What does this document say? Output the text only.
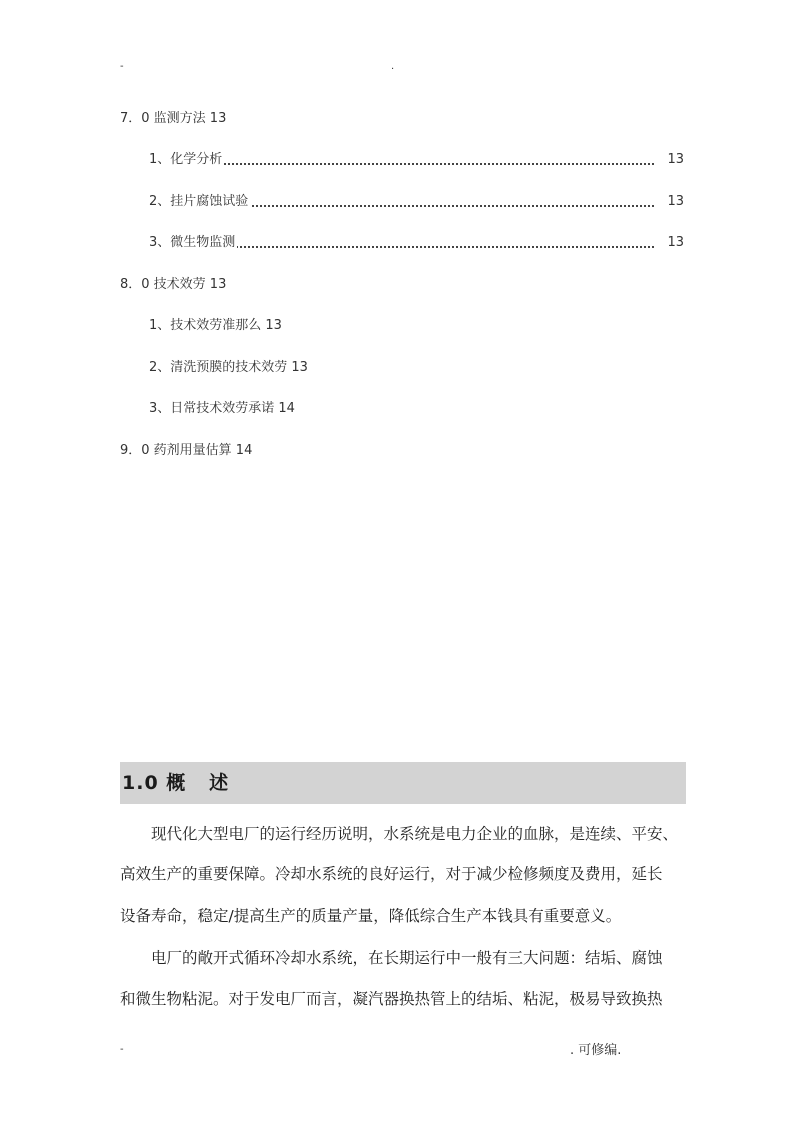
-	.
7．0 监测方法 13
1、化学分析	13
2、挂片腐蚀试验	13
3、微生物监测	13
8．0 技术效劳 13
1、技术效劳准那么 13
2、清洗预膜的技术效劳 13
3、日常技术效劳承诺 14
9．0 药剂用量估算 14
1.0 概   述
现代化大型电厂的运行经历说明，水系统是电力企业的血脉，是连续、平安、
高效生产的重要保障。冷却水系统的良好运行，对于减少检修频度及费用，延长
设备寿命，稳定/提高生产的质量产量，降低综合生产本钱具有重要意义。
电厂的敞开式循环冷却水系统，在长期运行中一般有三大问题：结垢、腐蚀
和微生物粘泥。对于发电厂而言，凝汽器换热管上的结垢、粘泥，极易导致换热
-	. 可修编.
